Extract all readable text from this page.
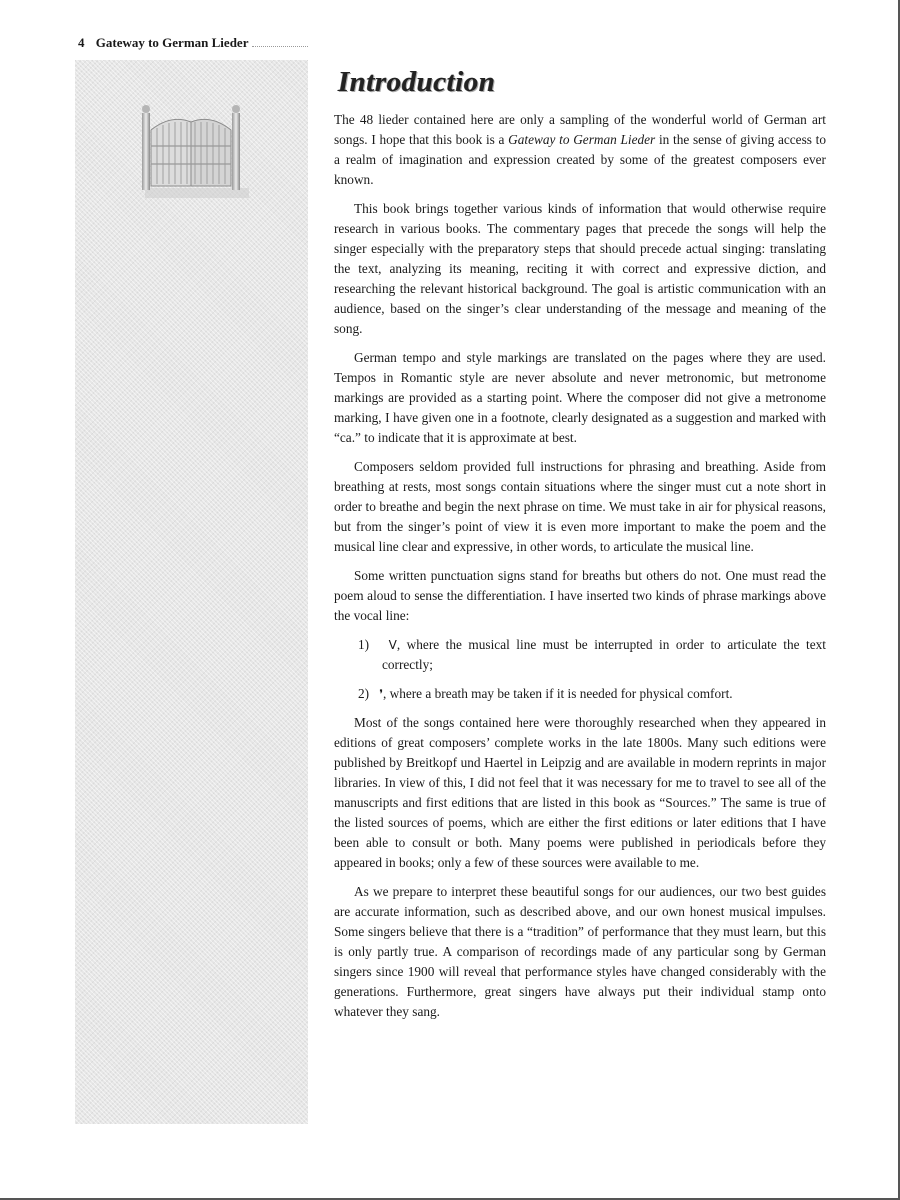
4 Gateway to German Lieder
Introduction

The 48 lieder contained here are only a sampling of the wonderful world of German art songs. I hope that this book is a Gateway to German Lieder in the sense of giving access to a realm of imagination and expression created by some of the greatest composers ever known.

This book brings together various kinds of information that would otherwise require research in various books. The commentary pages that precede the songs will help the singer especially with the preparatory steps that should precede actual singing: translating the text, analyzing its meaning, reciting it with correct and expressive diction, and researching the relevant historical background. The goal is artistic communication with an audience, based on the singer’s clear understanding of the message and meaning of the song.

German tempo and style markings are translated on the pages where they are used. Tempos in Romantic style are never absolute and never metronomic, but metronome markings are provided as a starting point. Where the composer did not give a metronome marking, I have given one in a footnote, clearly designated as a suggestion and marked with “ca.” to indicate that it is approximate at best.

Composers seldom provided full instructions for phrasing and breathing. Aside from breathing at rests, most songs contain situations where the singer must cut a note short in order to breathe and begin the next phrase on time. We must take in air for physical reasons, but from the singer’s point of view it is even more important to make the poem and the musical line clear and expressive, in other words, to articulate the musical line.

Some written punctuation signs stand for breaths but others do not. One must read the poem aloud to sense the differentiation. I have inserted two kinds of phrase markings above the vocal line:

1) V, where the musical line must be interrupted in order to articulate the text correctly;
2) ❜, where a breath may be taken if it is needed for physical comfort.

Most of the songs contained here were thoroughly researched when they appeared in editions of great composers’ complete works in the late 1800s. Many such editions were published by Breitkopf und Haertel in Leipzig and are available in modern reprints in major libraries. In view of this, I did not feel that it was necessary for me to travel to see all of the manuscripts and first editions that are listed in this book as “Sources.” The same is true of the listed sources of poems, which are either the first editions or later editions that I have been able to consult or both. Many poems were published in periodicals before they appeared in books; only a few of these sources were available to me.

As we prepare to interpret these beautiful songs for our audiences, our two best guides are accurate information, such as described above, and our own honest musical impulses. Some singers believe that there is a “tradition” of performance that they must learn, but this is only partly true. A comparison of recordings made of any particular song by German singers since 1900 will reveal that performance styles have changed considerably with the generations. Furthermore, great singers have always put their individual stamp onto whatever they sang.
